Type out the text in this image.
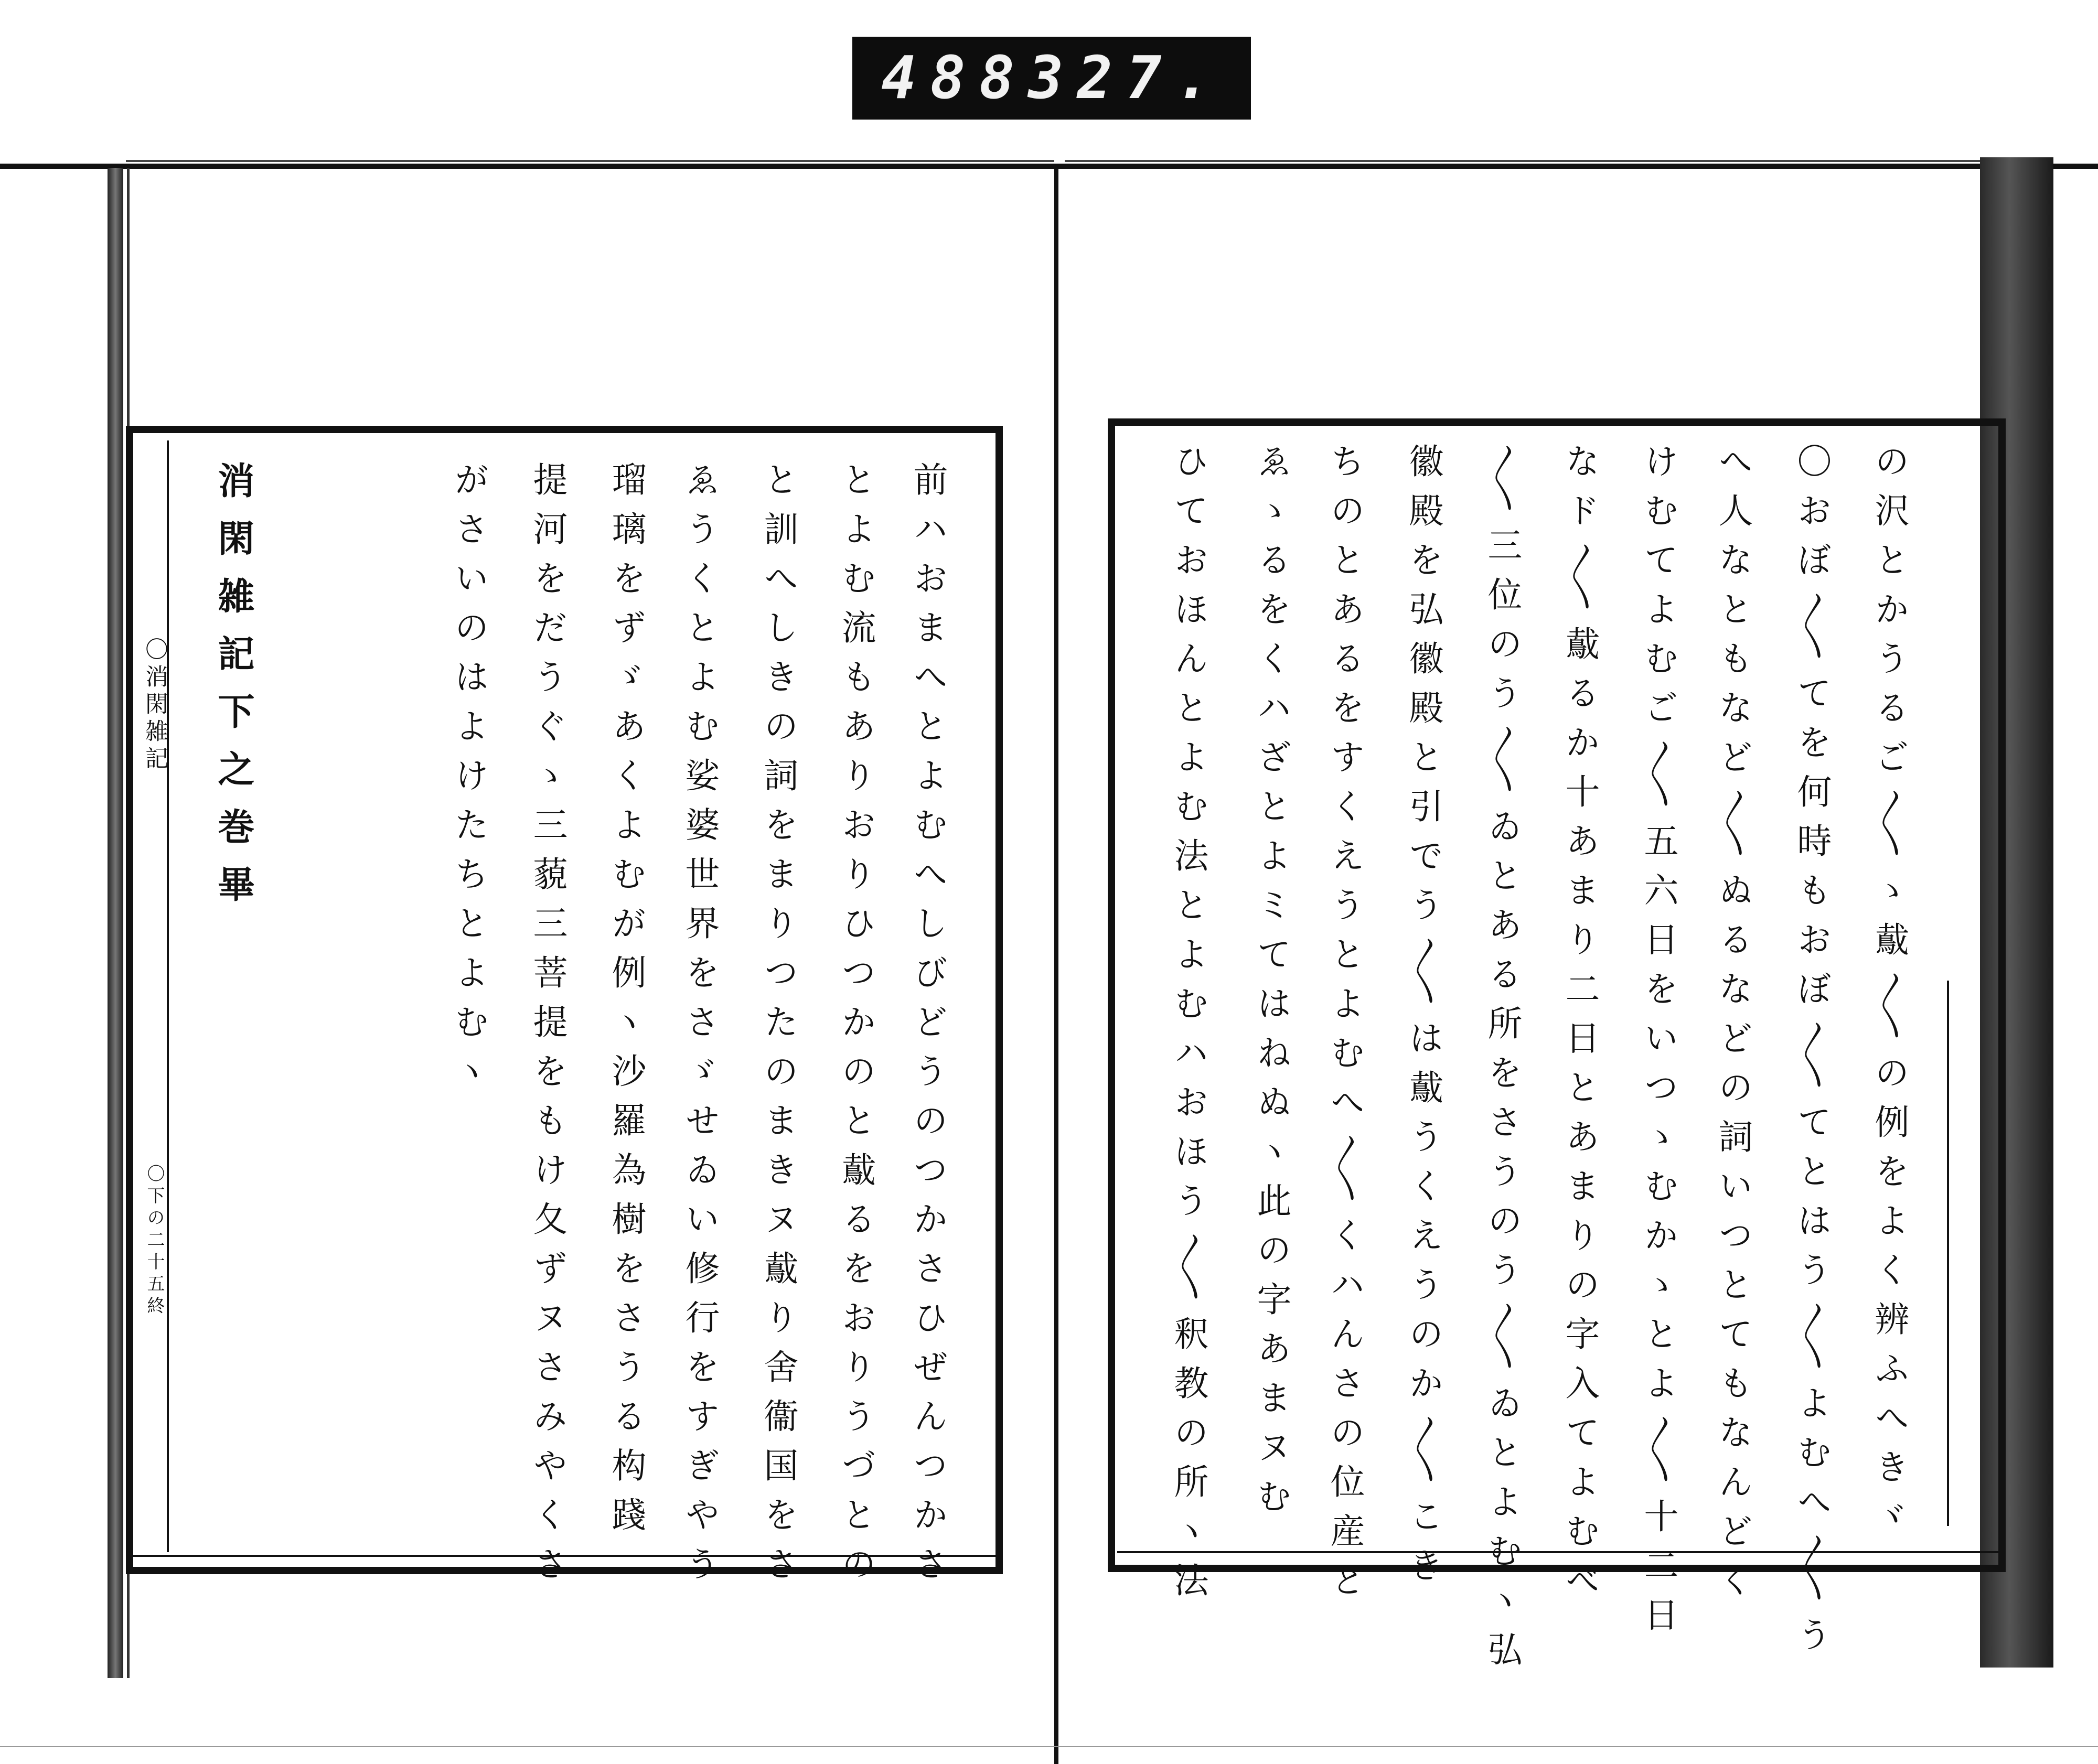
488 327.
〇消閑雑記
〇下の二十五終	前ハおまへとよむへしびどうのつかさひぜんつかさ
とよむ流もありおりひつかのと䳒るをおりうづとの
と訓へしきの詞をまりつたのまきヌ䳒り舍衞国をさ
ゑうくとよむ娑婆世界をさゞせゐい修行をすぎやう
瑠璃をずゞあくよむが例ヽ沙羅為樹をさうる构踐
提河をだうぐゝ三藐三菩提をもけ夂ずヌさみやくさ
がさいのはよけたちとよむヽ
消閑雑記下之巻畢	の沢とかうるご〱ゝ䳒〱の例をよく辨ふへきヾ
〇おぼ〱てを何時もおぼ〱てとはう〱よむへ〱う
へ人なともなど〱ぬるなどの詞いつとてもなんどく
けむてよむご〱五六日をいつゝむかゝとよ〱十二日
なド〱䳒るか十あまり二日とあまりの字入てよむべ
〱三位のう〱ゐとある所をさうのう〱ゐとよむヽ弘
徽殿を弘徽殿と引でう〱は䳒うくえうのか〱こき
ちのとあるをすくえうとよむへ〱くハんさの位産と
ゑゝるをくハざとよミてはねぬヽ此の字あまヌむ
ひておほんとよむ法とよむハおほう〱釈教の所ヽ法
